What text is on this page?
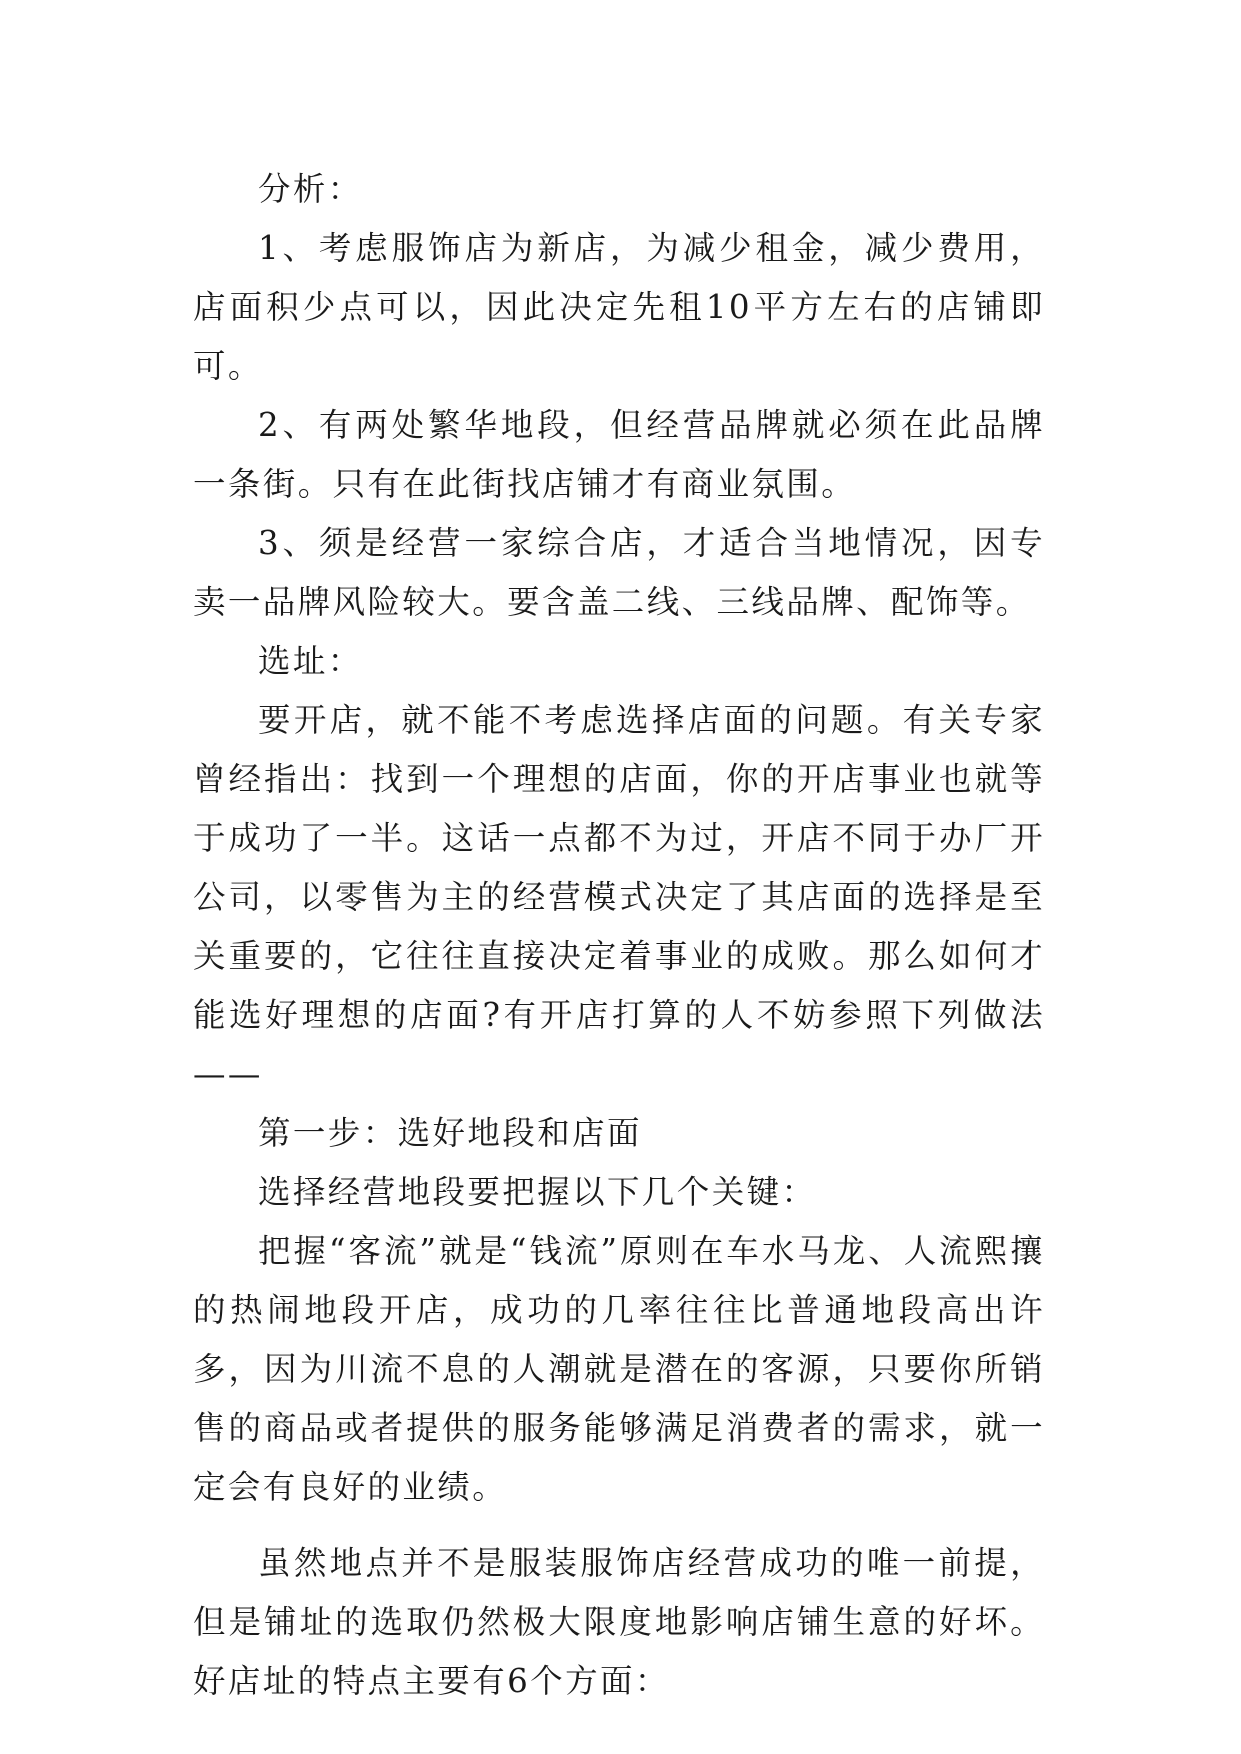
分析：

1、考虑服饰店为新店，为减少租金，减少费用，店面积少点可以，因此决定先租10平方左右的店铺即可。

2、有两处繁华地段，但经营品牌就必须在此品牌一条街。只有在此街找店铺才有商业氛围。

3、须是经营一家综合店，才适合当地情况，因专卖一品牌风险较大。要含盖二线、三线品牌、配饰等。

选址：

要开店，就不能不考虑选择店面的问题。有关专家曾经指出：找到一个理想的店面，你的开店事业也就等于成功了一半。这话一点都不为过，开店不同于办厂开公司，以零售为主的经营模式决定了其店面的选择是至关重要的，它往往直接决定着事业的成败。那么如何才能选好理想的店面?有开店打算的人不妨参照下列做法——

第一步：选好地段和店面

选择经营地段要把握以下几个关键：

把握“客流”就是“钱流”原则在车水马龙、人流熙攘的热闹地段开店，成功的几率往往比普通地段高出许多，因为川流不息的人潮就是潜在的客源，只要你所销售的商品或者提供的服务能够满足消费者的需求，就一定会有良好的业绩。

虽然地点并不是服装服饰店经营成功的唯一前提，但是铺址的选取仍然极大限度地影响店铺生意的好坏。好店址的特点主要有6个方面：
